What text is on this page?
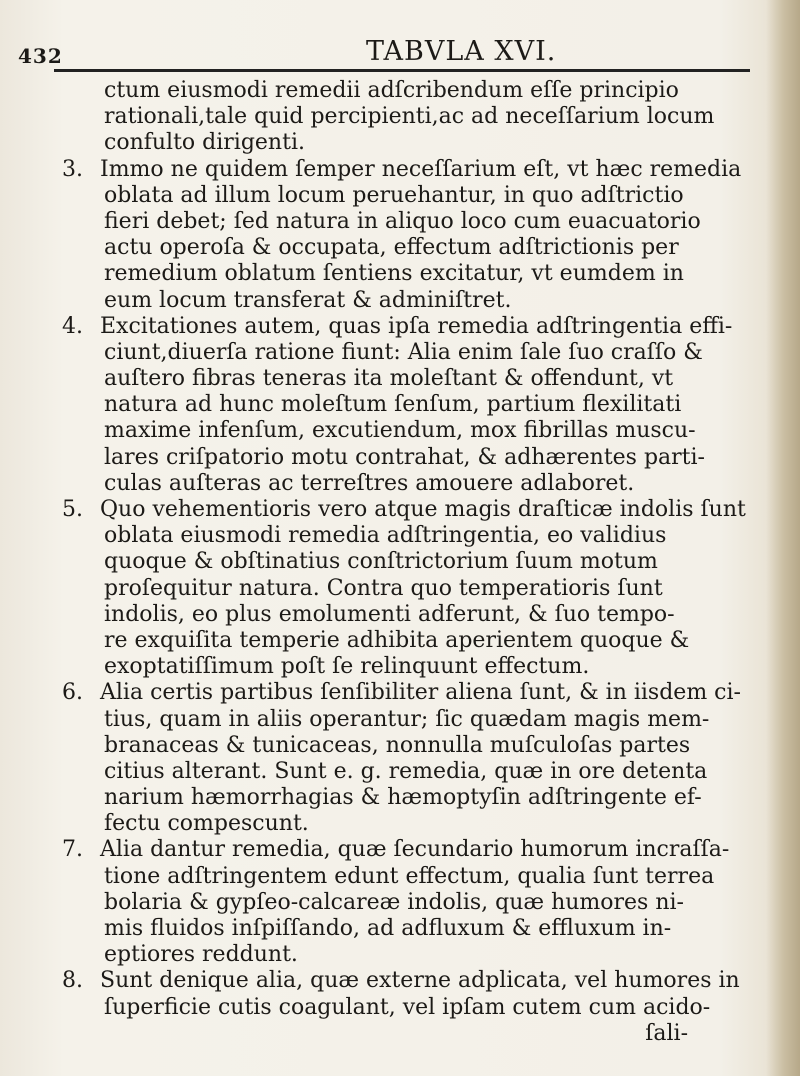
432	TABVLA XVI.
ctum eiusmodi remedii adſcribendum eſſe principio
rationali,tale quid percipienti,ac ad neceſſarium locum
confulto dirigenti.
3. Immo ne quidem ſemper neceſſarium eſt, vt hæc remedia
oblata ad illum locum peruehantur, in quo adſtrictio
fieri debet; ſed natura in aliquo loco cum euacuatorio
actu operoſa & occupata, effectum adſtrictionis per
remedium oblatum ſentiens excitatur, vt eumdem in
eum locum transferat & adminiſtret.
4. Excitationes autem, quas ipſa remedia adſtringentia effi-
ciunt,diuerſa ratione fiunt: Alia enim ſale ſuo craſſo &
auſtero fibras teneras ita moleſtant & offendunt, vt
natura ad hunc moleſtum ſenſum, partium flexilitati
maxime infenſum, excutiendum, mox fibrillas muscu-
lares criſpatorio motu contrahat, & adhærentes parti-
culas auſteras ac terreſtres amouere adlaboret.
5. Quo vehementioris vero atque magis draſticæ indolis ſunt
oblata eiusmodi remedia adſtringentia, eo validius
quoque & obſtinatius conſtrictorium ſuum motum
proſequitur natura. Contra quo temperatioris ſunt
indolis, eo plus emolumenti adferunt, & ſuo tempo-
re exquiſita temperie adhibita aperientem quoque &
exoptatiſſimum poſt ſe relinquunt effectum.
6. Alia certis partibus ſenſibiliter aliena ſunt, & in iisdem ci-
tius, quam in aliis operantur; ſic quædam magis mem-
branaceas & tunicaceas, nonnulla muſculoſas partes
citius alterant. Sunt e. g. remedia, quæ in ore detenta
narium hæmorrhagias & hæmoptyſin adſtringente ef-
fectu compescunt.
7. Alia dantur remedia, quæ ſecundario humorum incraſſa-
tione adſtringentem edunt effectum, qualia ſunt terrea
bolaria & gypſeo-calcareæ indolis, quæ humores ni-
mis fluidos inſpiſſando, ad adfluxum & effluxum in-
eptiores reddunt.
8. Sunt denique alia, quæ externe adplicata, vel humores in
ſuperficie cutis coagulant, vel ipſam cutem cum acido-
ſali-
